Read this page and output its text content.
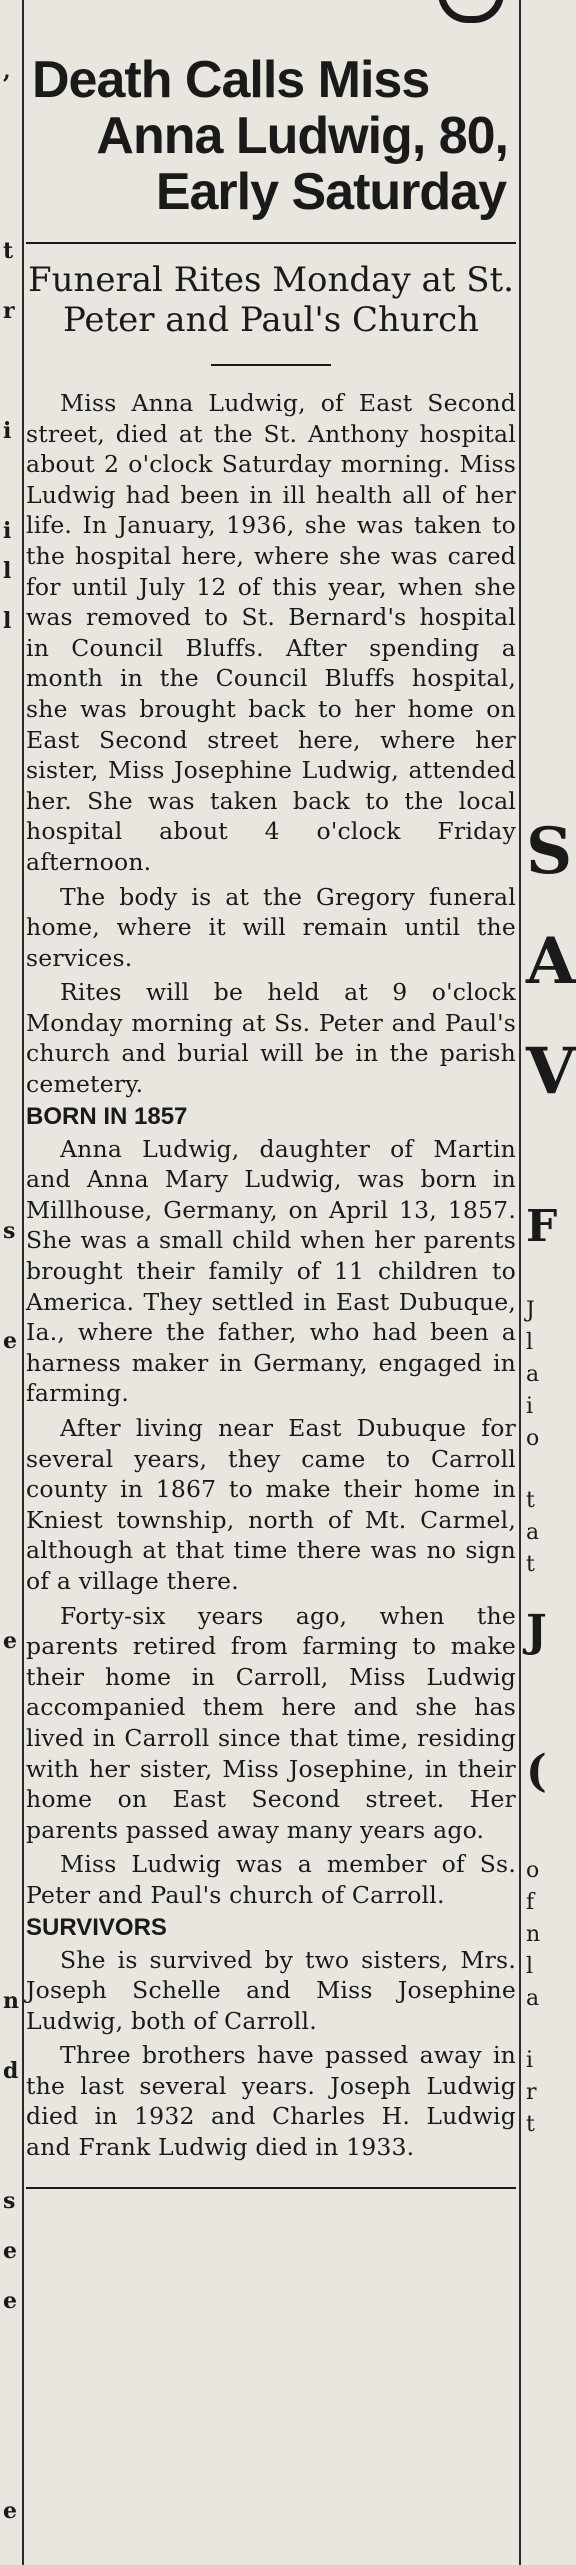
,
t
r
i
i
l
l
s
e
e
n
d
s
e
e
e
Death Calls Miss
Anna Ludwig, 80,
Early Saturday
Funeral Rites Monday at St. Peter and Paul's Church

Miss Anna Ludwig, of East Second street, died at the St. Anthony hospital about 2 o'clock Saturday morning. Miss Ludwig had been in ill health all of her life. In January, 1936, she was taken to the hospital here, where she was cared for until July 12 of this year, when she was removed to St. Bernard's hospital in Council Bluffs. After spending a month in the Council Bluffs hospital, she was brought back to her home on East Second street here, where her sister, Miss Josephine Ludwig, attended her. She was taken back to the local hospital about 4 o'clock Friday afternoon.

The body is at the Gregory funeral home, where it will remain until the services.

Rites will be held at 9 o'clock Monday morning at Ss. Peter and Paul's church and burial will be in the parish cemetery.

BORN IN 1857

Anna Ludwig, daughter of Martin and Anna Mary Ludwig, was born in Millhouse, Germany, on April 13, 1857. She was a small child when her parents brought their family of 11 children to America. They settled in East Dubuque, Ia., where the father, who had been a harness maker in Germany, engaged in farming.

After living near East Dubuque for several years, they came to Carroll county in 1867 to make their home in Kniest township, north of Mt. Carmel, although at that time there was no sign of a village there.

Forty-six years ago, when the parents retired from farming to make their home in Carroll, Miss Ludwig accompanied them here and she has lived in Carroll since that time, residing with her sister, Miss Josephine, in their home on East Second street. Her parents passed away many years ago.

Miss Ludwig was a member of Ss. Peter and Paul's church of Carroll.

SURVIVORS

She is survived by two sisters, Mrs. Joseph Schelle and Miss Josephine Ludwig, both of Carroll.

Three brothers have passed away in the last several years. Joseph Ludwig died in 1932 and Charles H. Ludwig and Frank Ludwig died in 1933.

S
A
V
F
J
l
a
i
o
t
a
t
J
(
o
f
n
l
a
i
r
t
